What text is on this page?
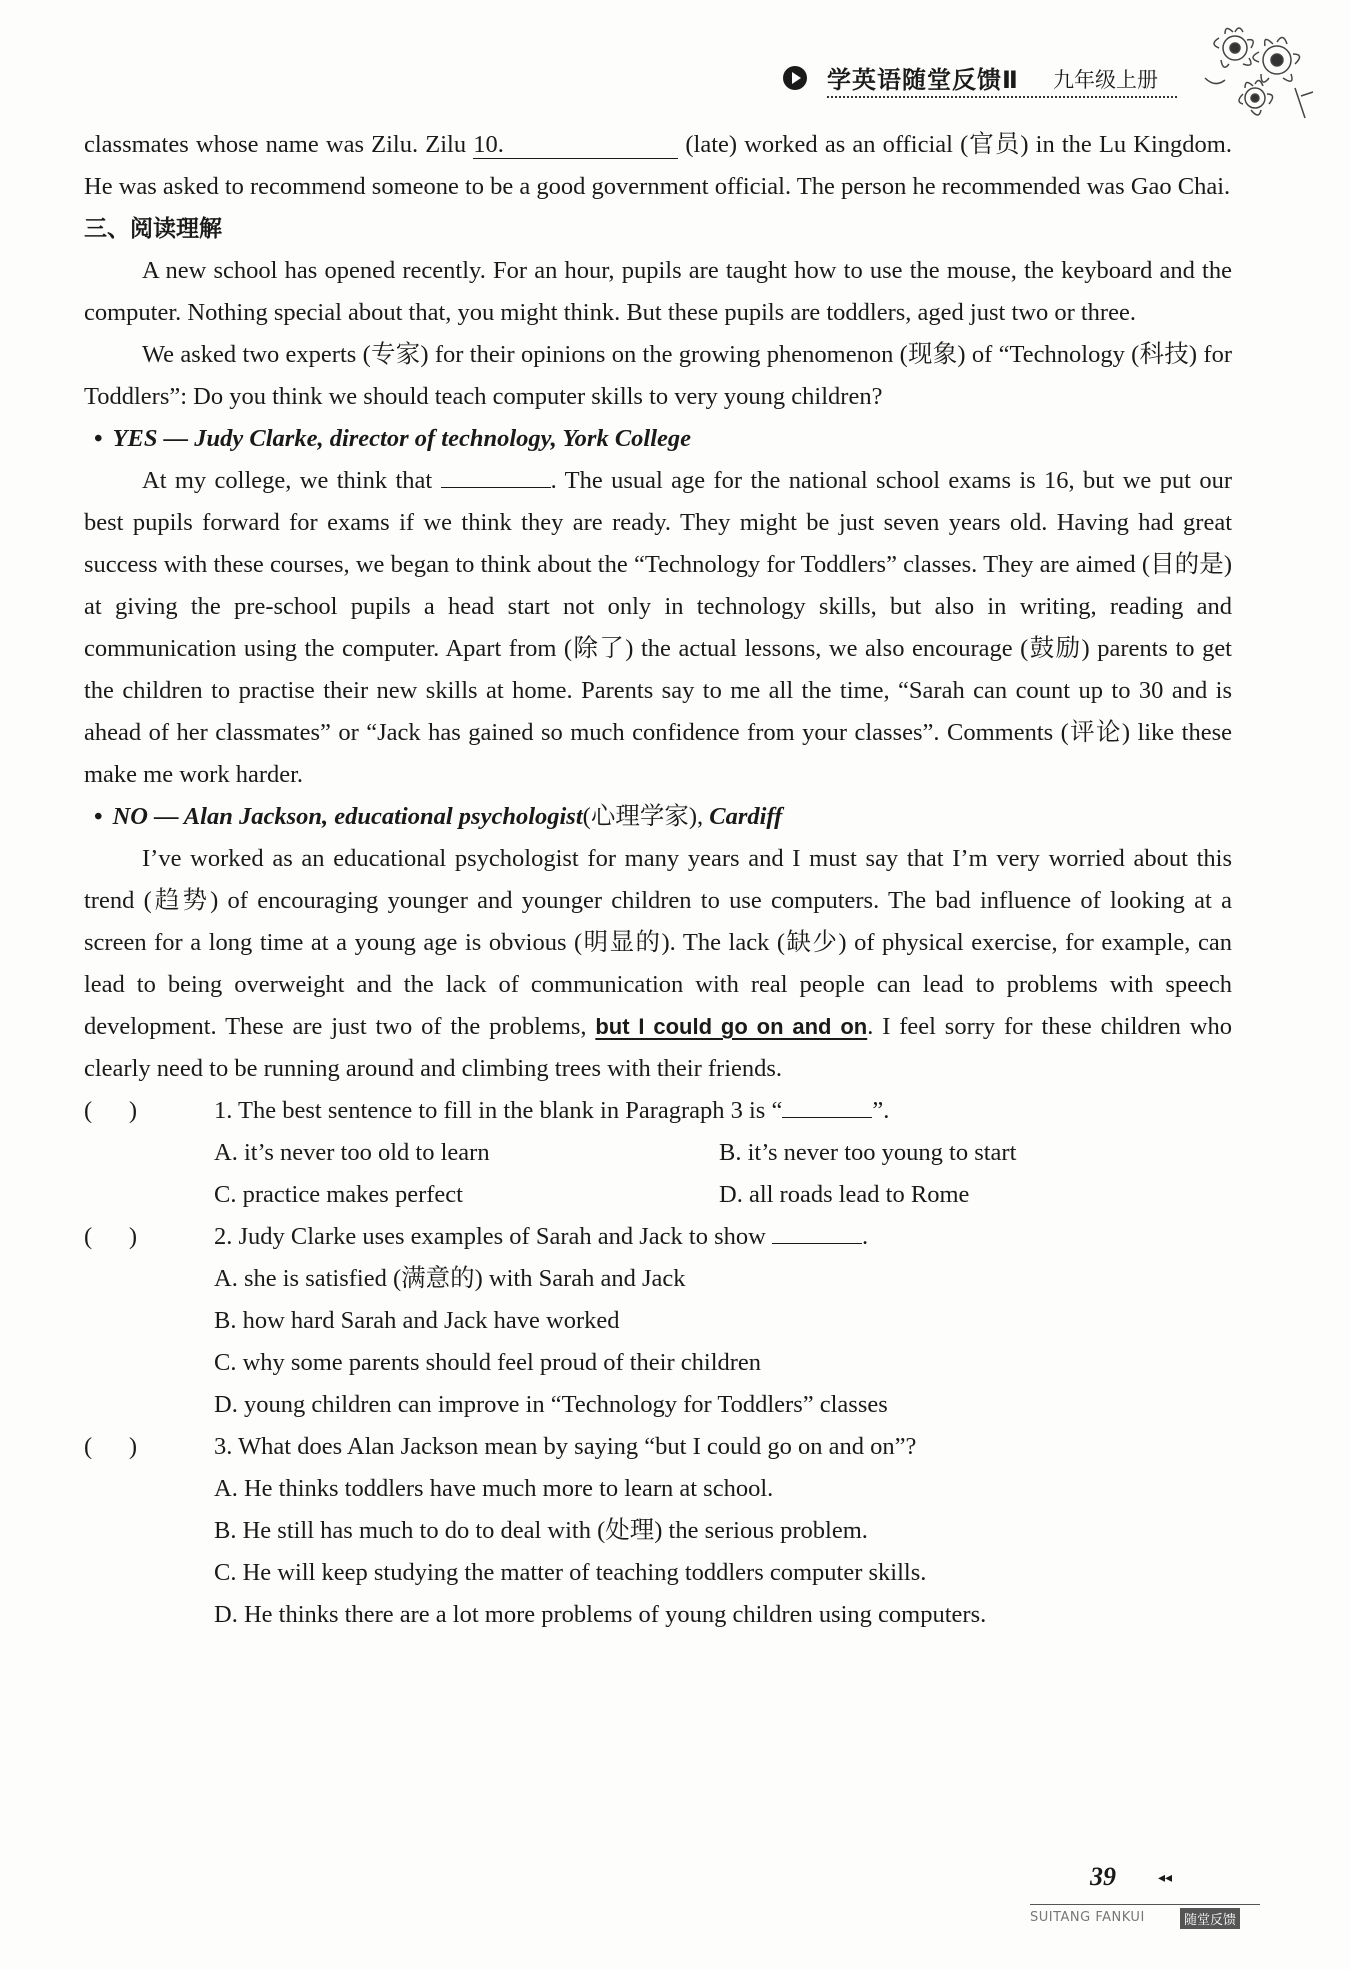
学英语随堂反馈Ⅱ 九年级上册

classmates whose name was Zilu. Zilu 10.	(late) worked as an official (官员) in the Lu Kingdom. He was asked to recommend someone to be a good government official. The person he recommended was Gao Chai.

三、阅读理解

A new school has opened recently. For an hour, pupils are taught how to use the mouse, the keyboard and the computer. Nothing special about that, you might think. But these pupils are toddlers, aged just two or three.

We asked two experts (专家) for their opinions on the growing phenomenon (现象) of “Technology (科技) for Toddlers”: Do you think we should teach computer skills to very young children?

• YES — Judy Clarke, director of technology, York College

At my college, we think that	. The usual age for the national school exams is 16, but we put our best pupils forward for exams if we think they are ready. They might be just seven years old. Having had great success with these courses, we began to think about the “Technology for Toddlers” classes. They are aimed (目的是) at giving the pre-school pupils a head start not only in technology skills, but also in writing, reading and communication using the computer. Apart from (除了) the actual lessons, we also encourage (鼓励) parents to get the children to practise their new skills at home. Parents say to me all the time, “Sarah can count up to 30 and is ahead of her classmates” or “Jack has gained so much confidence from your classes”. Comments (评论) like these make me work harder.

• NO — Alan Jackson, educational psychologist(心理学家), Cardiff

I’ve worked as an educational psychologist for many years and I must say that I’m very worried about this trend (趋势) of encouraging younger and younger children to use computers. The bad influence of looking at a screen for a long time at a young age is obvious (明显的). The lack (缺少) of physical exercise, for example, can lead to being overweight and the lack of communication with real people can lead to problems with speech development. These are just two of the problems, but I could go on and on. I feel sorry for these children who clearly need to be running around and climbing trees with their friends.

(      )	1. The best sentence to fill in the blank in Paragraph 3 is “	”.
A. it’s never too old to learn	B. it’s never too young to start
C. practice makes perfect	D. all roads lead to Rome
(      )	2. Judy Clarke uses examples of Sarah and Jack to show	.
A. she is satisfied (满意的) with Sarah and Jack
B. how hard Sarah and Jack have worked
C. why some parents should feel proud of their children
D. young children can improve in “Technology for Toddlers” classes
(      )	3. What does Alan Jackson mean by saying “but I could go on and on”?
A. He thinks toddlers have much more to learn at school.
B. He still has much to do to deal with (处理) the serious problem.
C. He will keep studying the matter of teaching toddlers computer skills.
D. He thinks there are a lot more problems of young children using computers.
39	◂◂
SUITANG FANKUI	随堂反馈
